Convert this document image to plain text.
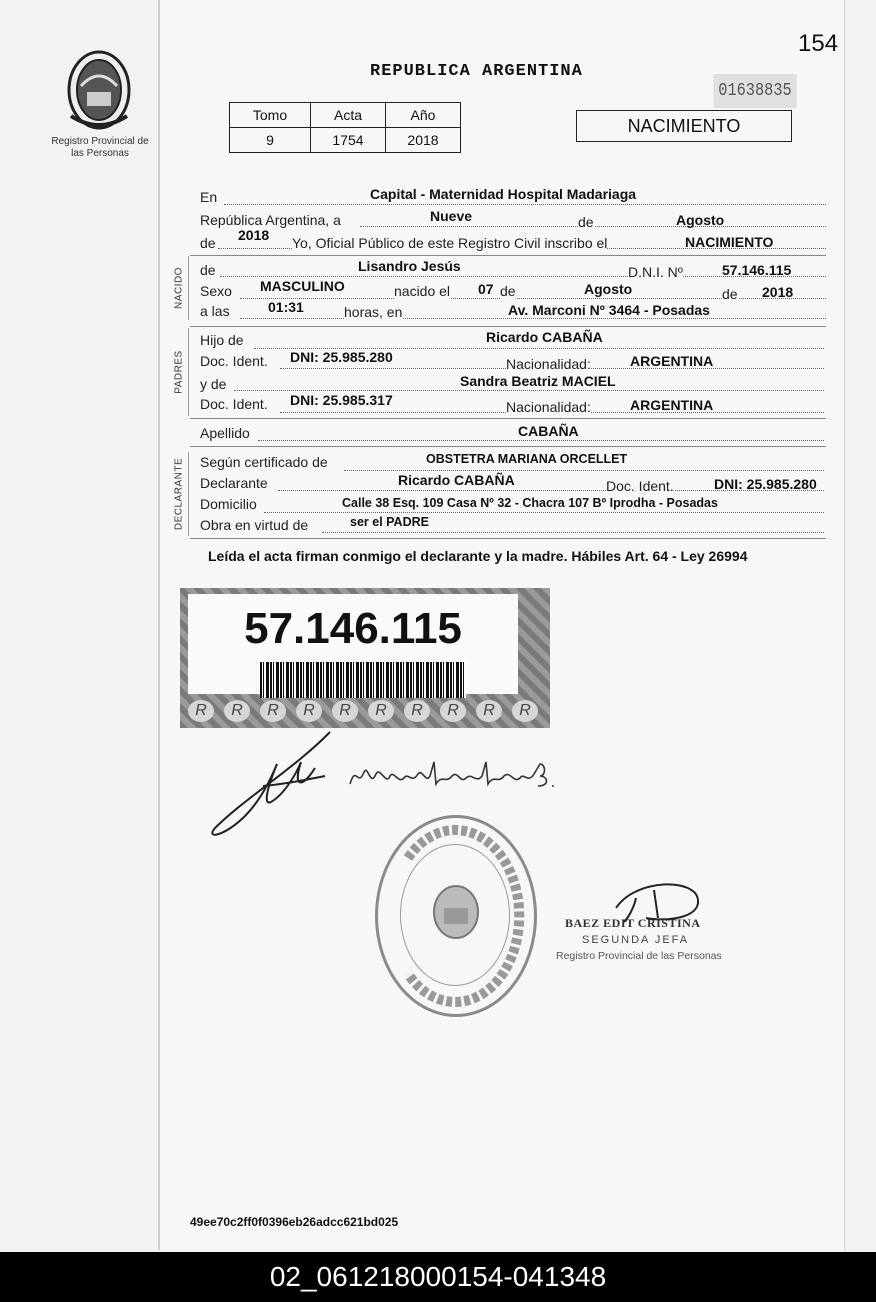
Registro Provincial de las Personas
154
REPUBLICA ARGENTINA
01638835
Tomo	Acta	Año
9	1754	2018
NACIMIENTO
En	Capital - Maternidad Hospital Madariaga
República Argentina, a	Nueve	de	Agosto
de 2018 Yo, Oficial Público de este Registro Civil inscribo el	NACIMIENTO
NACIDO de	Lisandro Jesús	D.N.I. Nº	57.146.115
Sexo MASCULINO	nacido el 07 de	Agosto	de 2018
a las	01:31	horas, en	Av. Marconi Nº 3464 - Posadas
PADRES
Hijo de	Ricardo CABAÑA
Doc. Ident. DNI: 25.985.280	Nacionalidad:	ARGENTINA
y de	Sandra Beatriz MACIEL
Doc. Ident. DNI: 25.985.317	Nacionalidad:	ARGENTINA
Apellido	CABAÑA
DECLARANTE Según certificado de	OBSTETRA MARIANA ORCELLET
Declarante	Ricardo CABAÑA	Doc. Ident.	DNI: 25.985.280
Domicilio	Calle 38 Esq. 109 Casa Nº 32 - Chacra 107 Bº Iprodha - Posadas
Obra en virtud de	ser el PADRE
Leída el acta firman conmigo el declarante y la madre. Hábiles Art. 64 - Ley 26994
57.146.115
R	R	R	R	R	R	R	R	R	R
BAEZ EDIT CRISTINA
SEGUNDA JEFA
Registro Provincial de las Personas
49ee70c2ff0f0396eb26adcc621bd025
02_061218000154-041348
